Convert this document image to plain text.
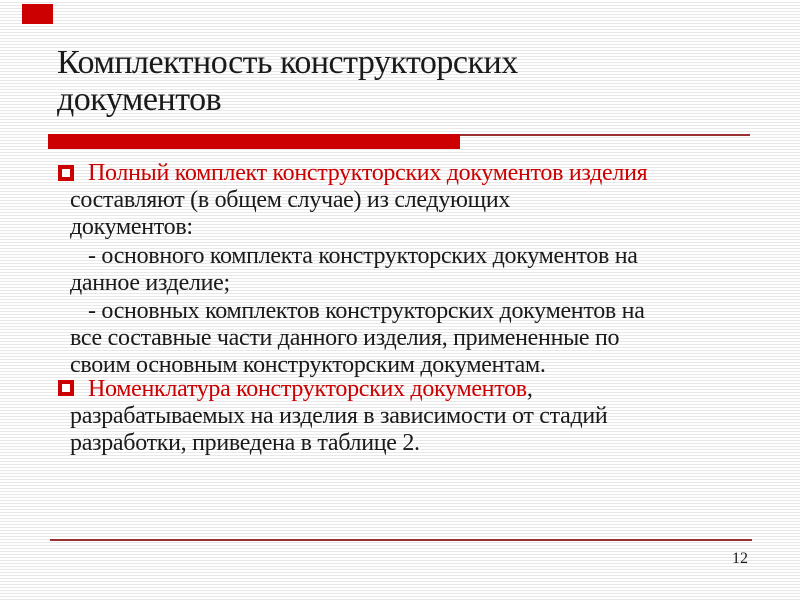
Комплектность конструкторских
документов
Полный комплект конструкторских документов изделия
составляют (в общем случае) из следующих
документов:
- основного комплекта конструкторских документов на
данное изделие;
- основных комплектов конструкторских документов на
все составные части данного изделия, примененные по
своим основным конструкторским документам.
Номенклатура конструкторских документов,
разрабатываемых на изделия в зависимости от стадий
разработки, приведена в таблице 2.
12
